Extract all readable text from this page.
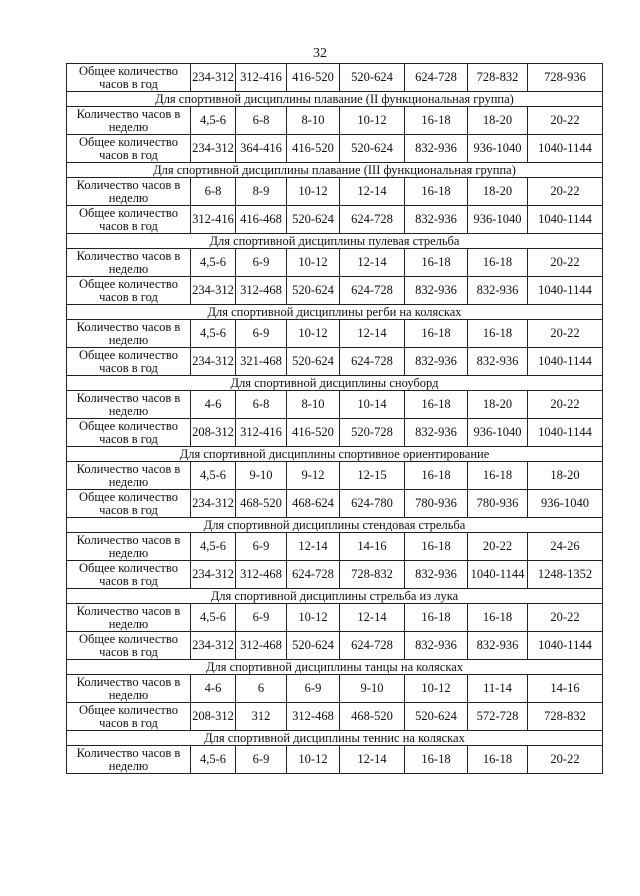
32
Общее количество часов в год	234-312	312-416	416-520	520-624	624-728	728-832	728-936
Для спортивной дисциплины плавание (II функциональная группа)							
Количество часов в неделю	4,5-6	6-8	8-10	10-12	16-18	18-20	20-22
Общее количество часов в год	234-312	364-416	416-520	520-624	832-936	936-1040	1040-1144
Для спортивной дисциплины плавание (III функциональная группа)							
Количество часов в неделю	6-8	8-9	10-12	12-14	16-18	18-20	20-22
Общее количество часов в год	312-416	416-468	520-624	624-728	832-936	936-1040	1040-1144
Для спортивной дисциплины пулевая стрельба							
Количество часов в неделю	4,5-6	6-9	10-12	12-14	16-18	16-18	20-22
Общее количество часов в год	234-312	312-468	520-624	624-728	832-936	832-936	1040-1144
Для спортивной дисциплины регби на колясках							
Количество часов в неделю	4,5-6	6-9	10-12	12-14	16-18	16-18	20-22
Общее количество часов в год	234-312	321-468	520-624	624-728	832-936	832-936	1040-1144
Для спортивной дисциплины сноуборд							
Количество часов в неделю	4-6	6-8	8-10	10-14	16-18	18-20	20-22
Общее количество часов в год	208-312	312-416	416-520	520-728	832-936	936-1040	1040-1144
Для спортивной дисциплины спортивное ориентирование							
Количество часов в неделю	4,5-6	9-10	9-12	12-15	16-18	16-18	18-20
Общее количество часов в год	234-312	468-520	468-624	624-780	780-936	780-936	936-1040
Для спортивной дисциплины стендовая стрельба							
Количество часов в неделю	4,5-6	6-9	12-14	14-16	16-18	20-22	24-26
Общее количество часов в год	234-312	312-468	624-728	728-832	832-936	1040-1144	1248-1352
Для спортивной дисциплины стрельба из лука							
Количество часов в неделю	4,5-6	6-9	10-12	12-14	16-18	16-18	20-22
Общее количество часов в год	234-312	312-468	520-624	624-728	832-936	832-936	1040-1144
Для спортивной дисциплины танцы на колясках							
Количество часов в неделю	4-6	6	6-9	9-10	10-12	11-14	14-16
Общее количество часов в год	208-312	312	312-468	468-520	520-624	572-728	728-832
Для спортивной дисциплины теннис на колясках							
Количество часов в неделю	4,5-6	6-9	10-12	12-14	16-18	16-18	20-22
